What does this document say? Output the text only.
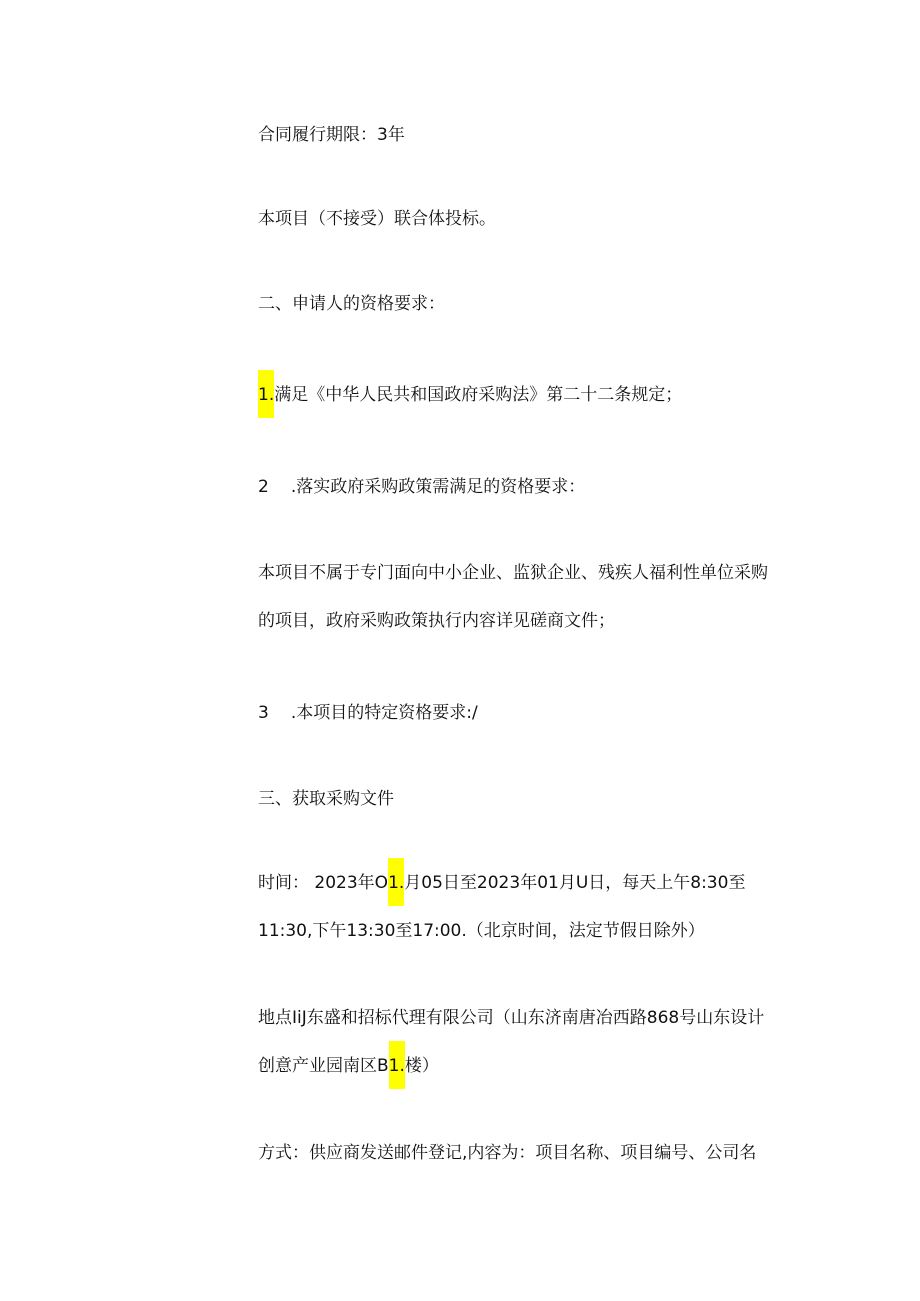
合同履行期限：3年
本项目（不接受）联合体投标。
二、申请人的资格要求：
1.满足《中华人民共和国政府采购法》第二十二条规定；
2 .落实政府采购政策需满足的资格要求：
本项目不属于专门面向中小企业、监狱企业、残疾人福利性单位采购
的项目，政府采购政策执行内容详见磋商文件；
3 .本项目的特定资格要求:/
三、获取采购文件
时间： 2023年O1.月05日至2023年01月U日，每天上午8:30至
11:30,下午13:30至17:00.（北京时间，法定节假日除外）
地点IiJ东盛和招标代理有限公司（山东济南唐冶西路868号山东设计
创意产业园南区B1.楼）
方式：供应商发送邮件登记,内容为：项目名称、项目编号、公司名
